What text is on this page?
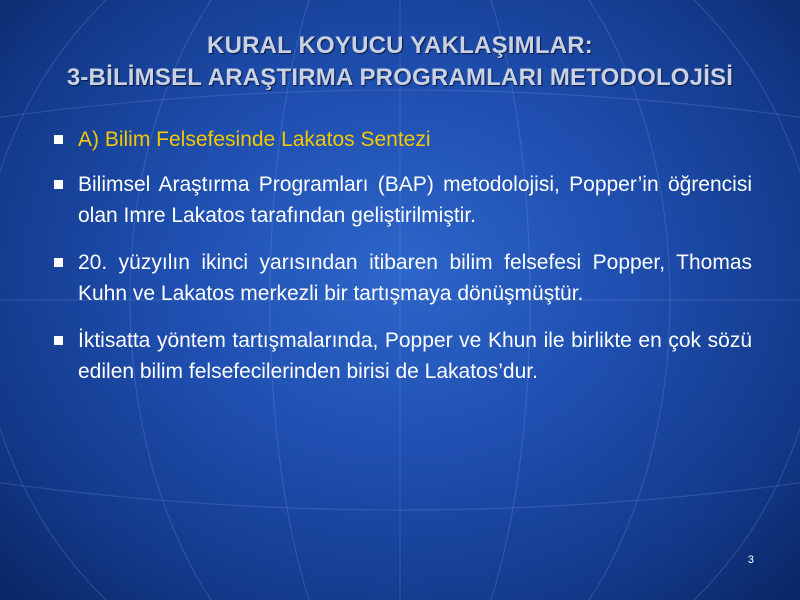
KURAL KOYUCU YAKLAŞIMLAR:
3-BİLİMSEL ARAŞTIRMA PROGRAMLARI METODOLOJİSİ
A) Bilim Felsefesinde Lakatos Sentezi
Bilimsel Araştırma Programları (BAP) metodolojisi, Popper’in öğrencisi olan Imre Lakatos tarafından geliştirilmiştir.
20. yüzyılın ikinci yarısından itibaren bilim felsefesi Popper, Thomas Kuhn ve Lakatos merkezli bir tartışmaya dönüşmüştür.
İktisatta yöntem tartışmalarında, Popper ve Khun ile birlikte en çok sözü edilen bilim felsefecilerinden birisi de Lakatos’dur.
3
